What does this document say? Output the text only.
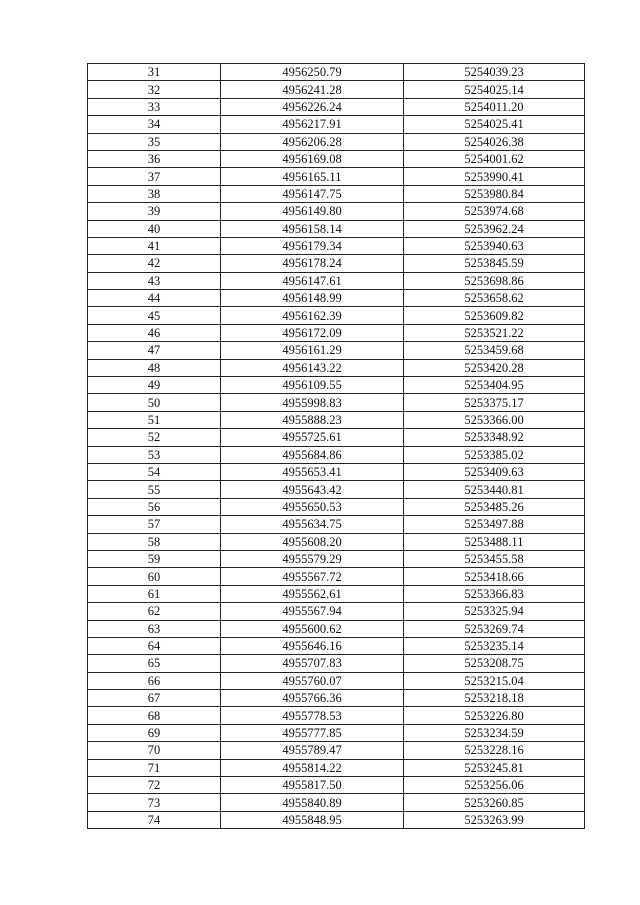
31	4956250.79	5254039.23
32	4956241.28	5254025.14
33	4956226.24	5254011.20
34	4956217.91	5254025.41
35	4956206.28	5254026.38
36	4956169.08	5254001.62
37	4956165.11	5253990.41
38	4956147.75	5253980.84
39	4956149.80	5253974.68
40	4956158.14	5253962.24
41	4956179.34	5253940.63
42	4956178.24	5253845.59
43	4956147.61	5253698.86
44	4956148.99	5253658.62
45	4956162.39	5253609.82
46	4956172.09	5253521.22
47	4956161.29	5253459.68
48	4956143.22	5253420.28
49	4956109.55	5253404.95
50	4955998.83	5253375.17
51	4955888.23	5253366.00
52	4955725.61	5253348.92
53	4955684.86	5253385.02
54	4955653.41	5253409.63
55	4955643.42	5253440.81
56	4955650.53	5253485.26
57	4955634.75	5253497.88
58	4955608.20	5253488.11
59	4955579.29	5253455.58
60	4955567.72	5253418.66
61	4955562.61	5253366.83
62	4955567.94	5253325.94
63	4955600.62	5253269.74
64	4955646.16	5253235.14
65	4955707.83	5253208.75
66	4955760.07	5253215.04
67	4955766.36	5253218.18
68	4955778.53	5253226.80
69	4955777.85	5253234.59
70	4955789.47	5253228.16
71	4955814.22	5253245.81
72	4955817.50	5253256.06
73	4955840.89	5253260.85
74	4955848.95	5253263.99
